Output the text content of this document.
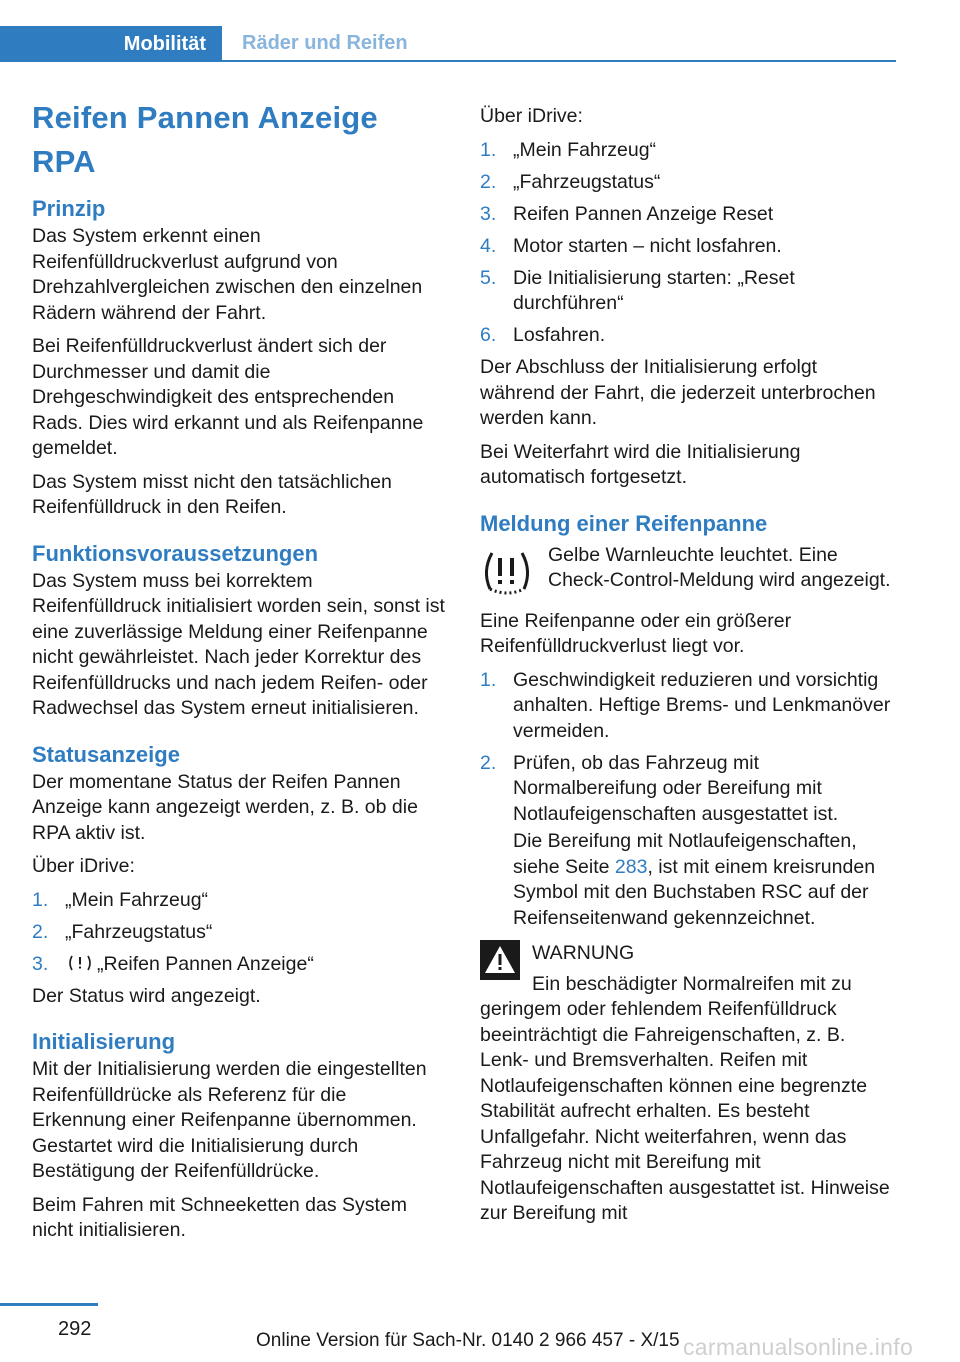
Mobilität	Räder und Reifen
Reifen Pannen Anzeige RPA
Prinzip

Das System erkennt einen Reifenfülldruckverlust aufgrund von Drehzahlvergleichen zwischen den einzelnen Rädern während der Fahrt.

Bei Reifenfülldruckverlust ändert sich der Durchmesser und damit die Drehgeschwindigkeit des entsprechenden Rads. Dies wird erkannt und als Reifenpanne gemeldet.

Das System misst nicht den tatsächlichen Reifenfülldruck in den Reifen.

Funktionsvoraussetzungen

Das System muss bei korrektem Reifenfülldruck initialisiert worden sein, sonst ist eine zuverlässige Meldung einer Reifenpanne nicht gewährleistet. Nach jeder Korrektur des Reifenfülldrucks und nach jedem Reifen- oder Radwechsel das System erneut initialisieren.

Statusanzeige

Der momentane Status der Reifen Pannen Anzeige kann angezeigt werden, z. B. ob die RPA aktiv ist.

Über iDrive:

1. „Mein Fahrzeug“
2. „Fahrzeugstatus“
3. „Reifen Pannen Anzeige“

Der Status wird angezeigt.

Initialisierung

Mit der Initialisierung werden die eingestellten Reifenfülldrücke als Referenz für die Erkennung einer Reifenpanne übernommen. Gestartet wird die Initialisierung durch Bestätigung der Reifenfülldrücke.

Beim Fahren mit Schneeketten das System nicht initialisieren.

Über iDrive:

1. „Mein Fahrzeug“
2. „Fahrzeugstatus“
3. Reifen Pannen Anzeige Reset
4. Motor starten – nicht losfahren.
5. Die Initialisierung starten: „Reset durchführen“
6. Losfahren.

Der Abschluss der Initialisierung erfolgt während der Fahrt, die jederzeit unterbrochen werden kann.

Bei Weiterfahrt wird die Initialisierung automatisch fortgesetzt.

Meldung einer Reifenpanne
Gelbe Warnleuchte leuchtet. Eine Check-Control-Meldung wird angezeigt.

Eine Reifenpanne oder ein größerer Reifenfülldruckverlust liegt vor.

1. Geschwindigkeit reduzieren und vorsichtig anhalten. Heftige Brems- und Lenkmanöver vermeiden.
2. Prüfen, ob das Fahrzeug mit Normalbereifung oder Bereifung mit Notlaufeigenschaften ausgestattet ist.
Die Bereifung mit Notlaufeigenschaften, siehe Seite 283, ist mit einem kreisrunden Symbol mit den Buchstaben RSC auf der Reifenseitenwand gekennzeichnet.
WARNUNG

Ein beschädigter Normalreifen mit zu geringem oder fehlendem Reifenfülldruck beeinträchtigt die Fahreigenschaften, z. B. Lenk- und Bremsverhalten. Reifen mit Notlaufeigenschaften können eine begrenzte Stabilität aufrecht erhalten. Es besteht Unfallgefahr. Nicht weiterfahren, wenn das Fahrzeug nicht mit Bereifung mit Notlaufeigenschaften ausgestattet ist. Hinweise zur Bereifung mit

292
Online Version für Sach-Nr. 0140 2 966 457 - X/15 carmanualsonline.info
